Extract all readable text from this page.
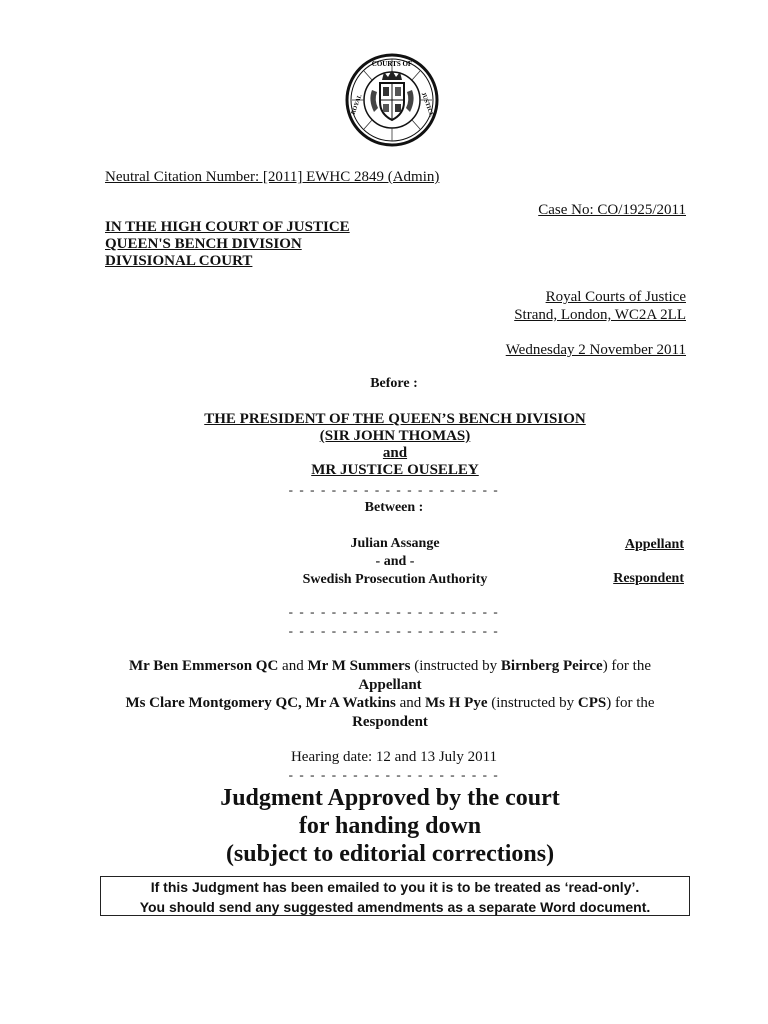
COURTS OF
ROYAL	JUSTICE
Neutral Citation Number: [2011] EWHC 2849 (Admin)
Case No: CO/1925/2011
IN THE HIGH COURT OF JUSTICE
QUEEN'S BENCH DIVISION
DIVISIONAL COURT
Royal Courts of Justice
Strand, London, WC2A 2LL
Wednesday 2 November 2011
Before :
THE PRESIDENT OF THE QUEEN’S BENCH DIVISION
(SIR JOHN THOMAS)
and
MR JUSTICE OUSELEY
- - - - - - - - - - - - - - - - - - - -
Between :
Julian Assange
- and -
Swedish Prosecution Authority
Appellant
Respondent
- - - - - - - - - - - - - - - - - - - -
- - - - - - - - - - - - - - - - - - - -
Mr Ben Emmerson QC and Mr M Summers (instructed by Birnberg Peirce) for the
Appellant
Ms Clare Montgomery QC, Mr A Watkins and Ms H Pye (instructed by CPS) for the
Respondent
Hearing date: 12 and 13 July 2011
- - - - - - - - - - - - - - - - - - - -
Judgment Approved by the court
for handing down
(subject to editorial corrections)
If this Judgment has been emailed to you it is to be treated as ‘read-only’.
You should send any suggested amendments as a separate Word document.
